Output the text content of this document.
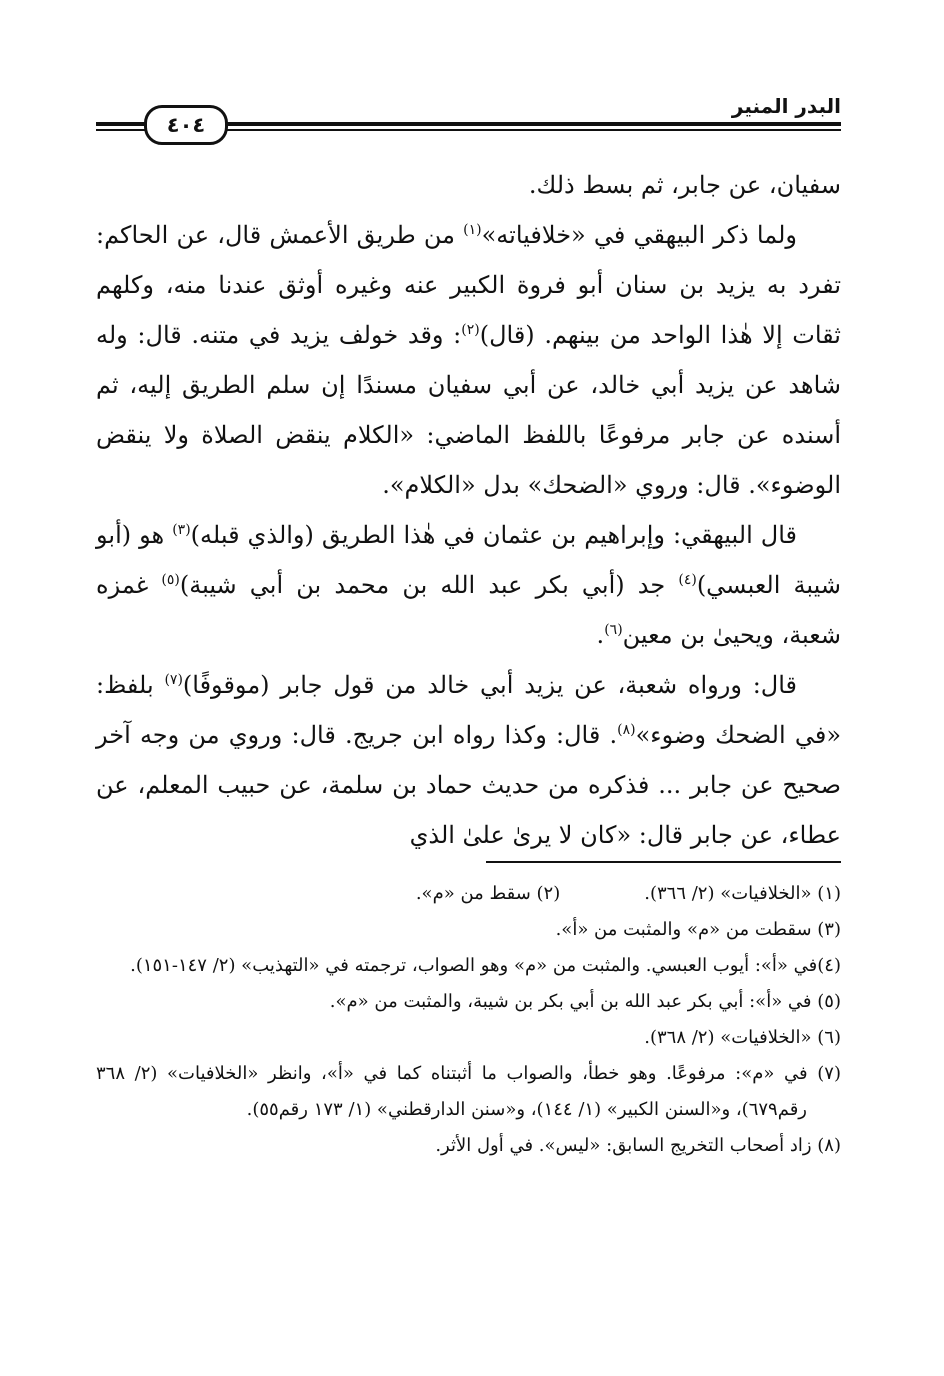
البدر المنير
٤٠٤

سفيان، عن جابر، ثم بسط ذلك.

ولما ذكر البيهقي في «خلافياته»$^{(١)}$ من طريق الأعمش قال، عن الحاكم: تفرد به يزيد بن سنان أبو فروة الكبير عنه وغيره أوثق عندنا منه، وكلهم ثقات إلا هٰذا الواحد من بينهم. (قال)$^{(٢)}$: وقد خولف يزيد في متنه. قال: وله شاهد عن يزيد أبي خالد، عن أبي سفيان مسندًا إن سلم الطريق إليه، ثم أسنده عن جابر مرفوعًا باللفظ الماضي: «الكلام ينقض الصلاة ولا ينقض الوضوء». قال: وروي «الضحك» بدل «الكلام».

قال البيهقي: وإبراهيم بن عثمان في هٰذا الطريق (والذي قبله)$^{(٣)}$ هو (أبو شيبة العبسي)$^{(٤)}$ جد (أبي بكر عبد الله بن محمد بن أبي شيبة)$^{(٥)}$ غمزه شعبة، ويحيىٰ بن معين$^{(٦)}$.

قال: ورواه شعبة، عن يزيد أبي خالد من قول جابر (موقوفًا)$^{(٧)}$ بلفظ: «في الضحك وضوء»$^{(٨)}$. قال: وكذا رواه ابن جريج. قال: وروي من وجه آخر صحيح عن جابر ... فذكره من حديث حماد بن سلمة، عن حبيب المعلم، عن عطاء، عن جابر قال: «كان لا يرىٰ علىٰ الذي

(١) «الخلافيات» (٢/ ٣٦٦).

(٢) سقط من «م».

(٣) سقطت من «م» والمثبت من «أ».

(٤)في «أ»: أيوب العبسي. والمثبت من «م» وهو الصواب، ترجمته في «التهذيب» (٢/ ١٤٧-١٥١).

(٥) في «أ»: أبي بكر عبد الله بن أبي بكر بن شيبة، والمثبت من «م».

(٦) «الخلافيات» (٢/ ٣٦٨).

(٧) في «م»: مرفوعًا. وهو خطأ، والصواب ما أثبتناه كما في «أ»، وانظر «الخلافيات» (٢/ ٣٦٨ رقم٦٧٩)، و«السنن الكبير» (١/ ١٤٤)، و«سنن الدارقطني» (١/ ١٧٣ رقم٥٥).

(٨) زاد أصحاب التخريج السابق: «ليس». في أول الأثر.
